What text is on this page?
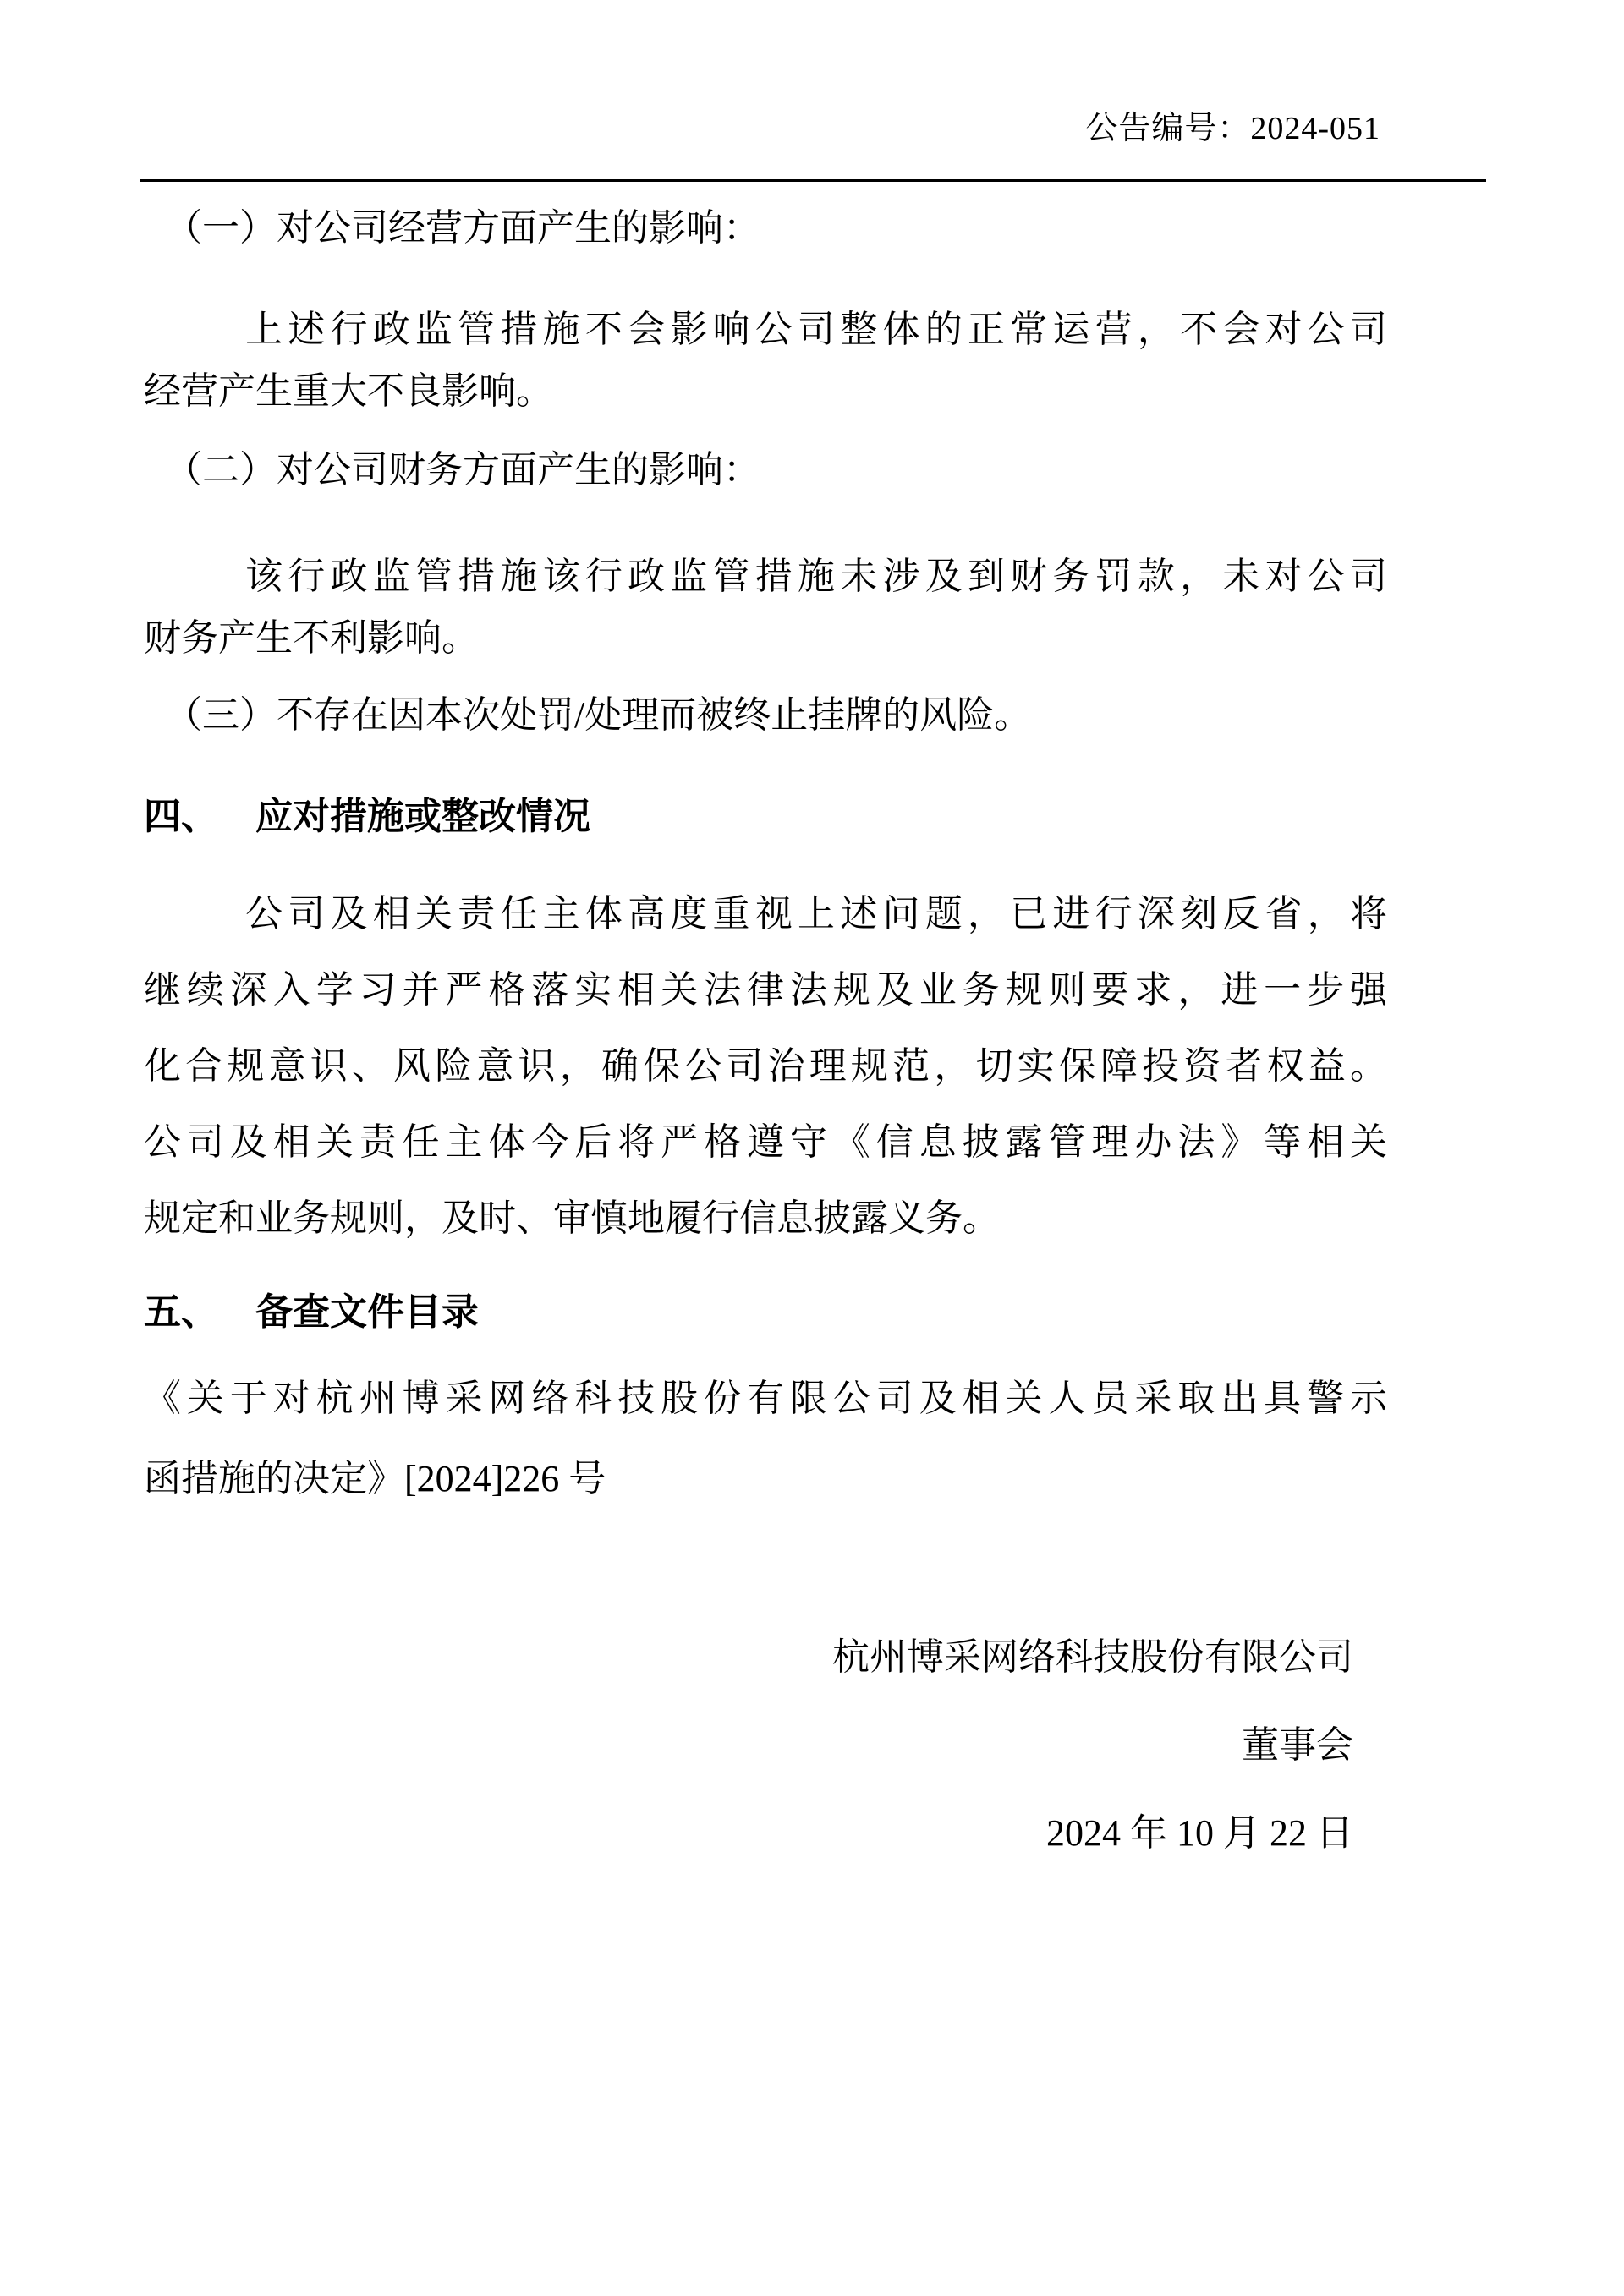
公告编号：2024-051
（一）对公司经营方面产生的影响：
上述行政监管措施不会影响公司整体的正常运营，不会对公司
经营产生重大不良影响。
（二）对公司财务方面产生的影响：
该行政监管措施该行政监管措施未涉及到财务罚款，未对公司
财务产生不利影响。
（三）不存在因本次处罚/处理而被终止挂牌的风险。
四、 应对措施或整改情况
公司及相关责任主体高度重视上述问题，已进行深刻反省，将
继续深入学习并严格落实相关法律法规及业务规则要求，进一步强
化合规意识、风险意识，确保公司治理规范，切实保障投资者权益。
公司及相关责任主体今后将严格遵守《信息披露管理办法》等相关
规定和业务规则，及时、审慎地履行信息披露义务。
五、 备查文件目录
《关于对杭州博采网络科技股份有限公司及相关人员采取出具警示
函措施的决定》[2024]226 号
杭州博采网络科技股份有限公司
董事会
2024 年 10 月 22 日
